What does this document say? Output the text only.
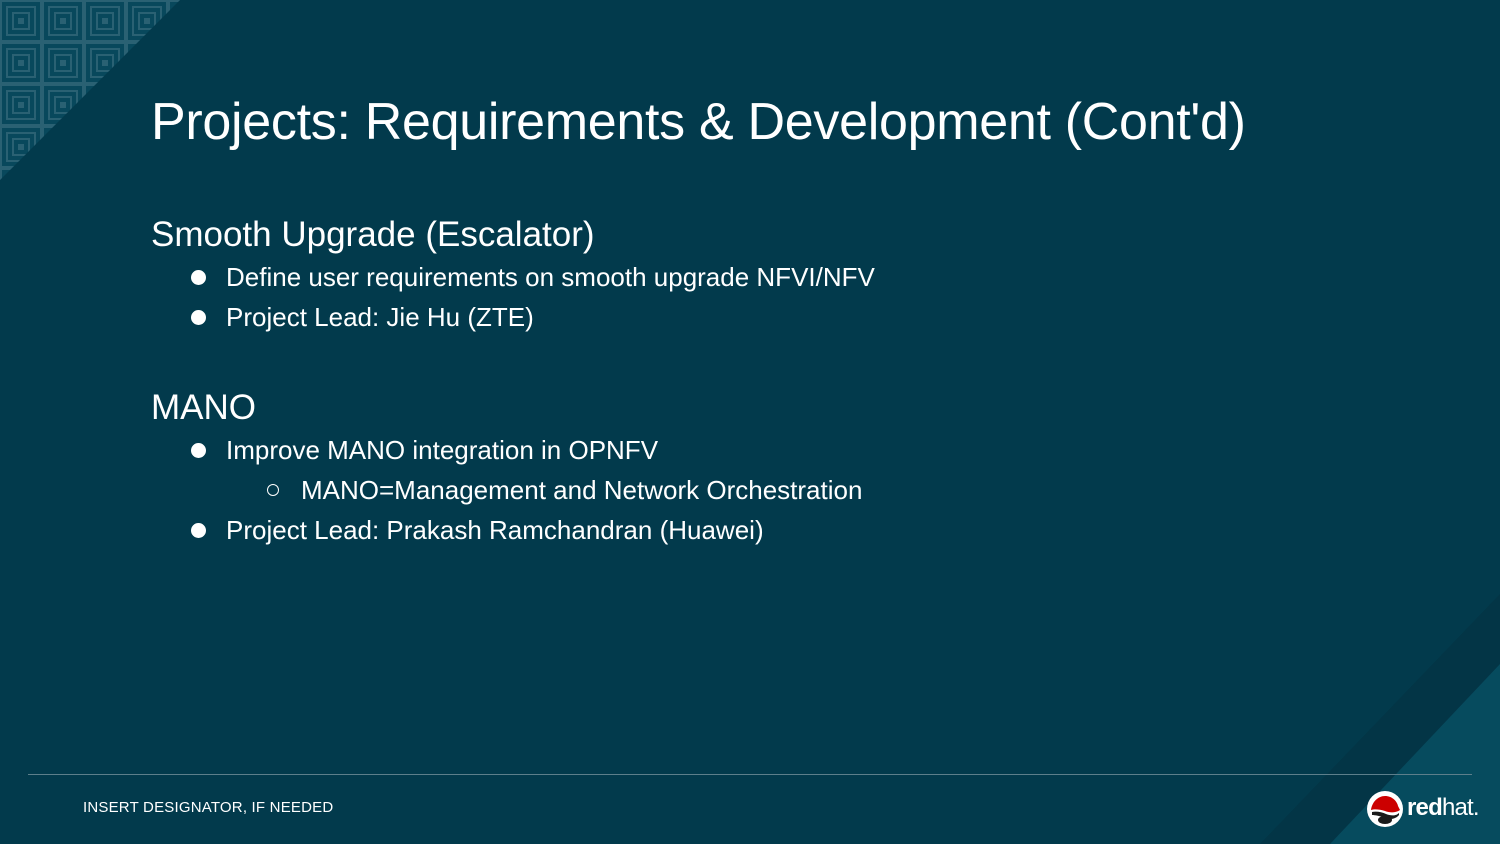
Projects: Requirements & Development (Cont'd)

Smooth Upgrade (Escalator)

Define user requirements on smooth upgrade NFVI/NFV
Project Lead: Jie Hu (ZTE)

MANO

Improve MANO integration in OPNFV
MANO=Management and Network Orchestration
Project Lead: Prakash Ramchandran (Huawei)
INSERT DESIGNATOR, IF NEEDED	redhat.
